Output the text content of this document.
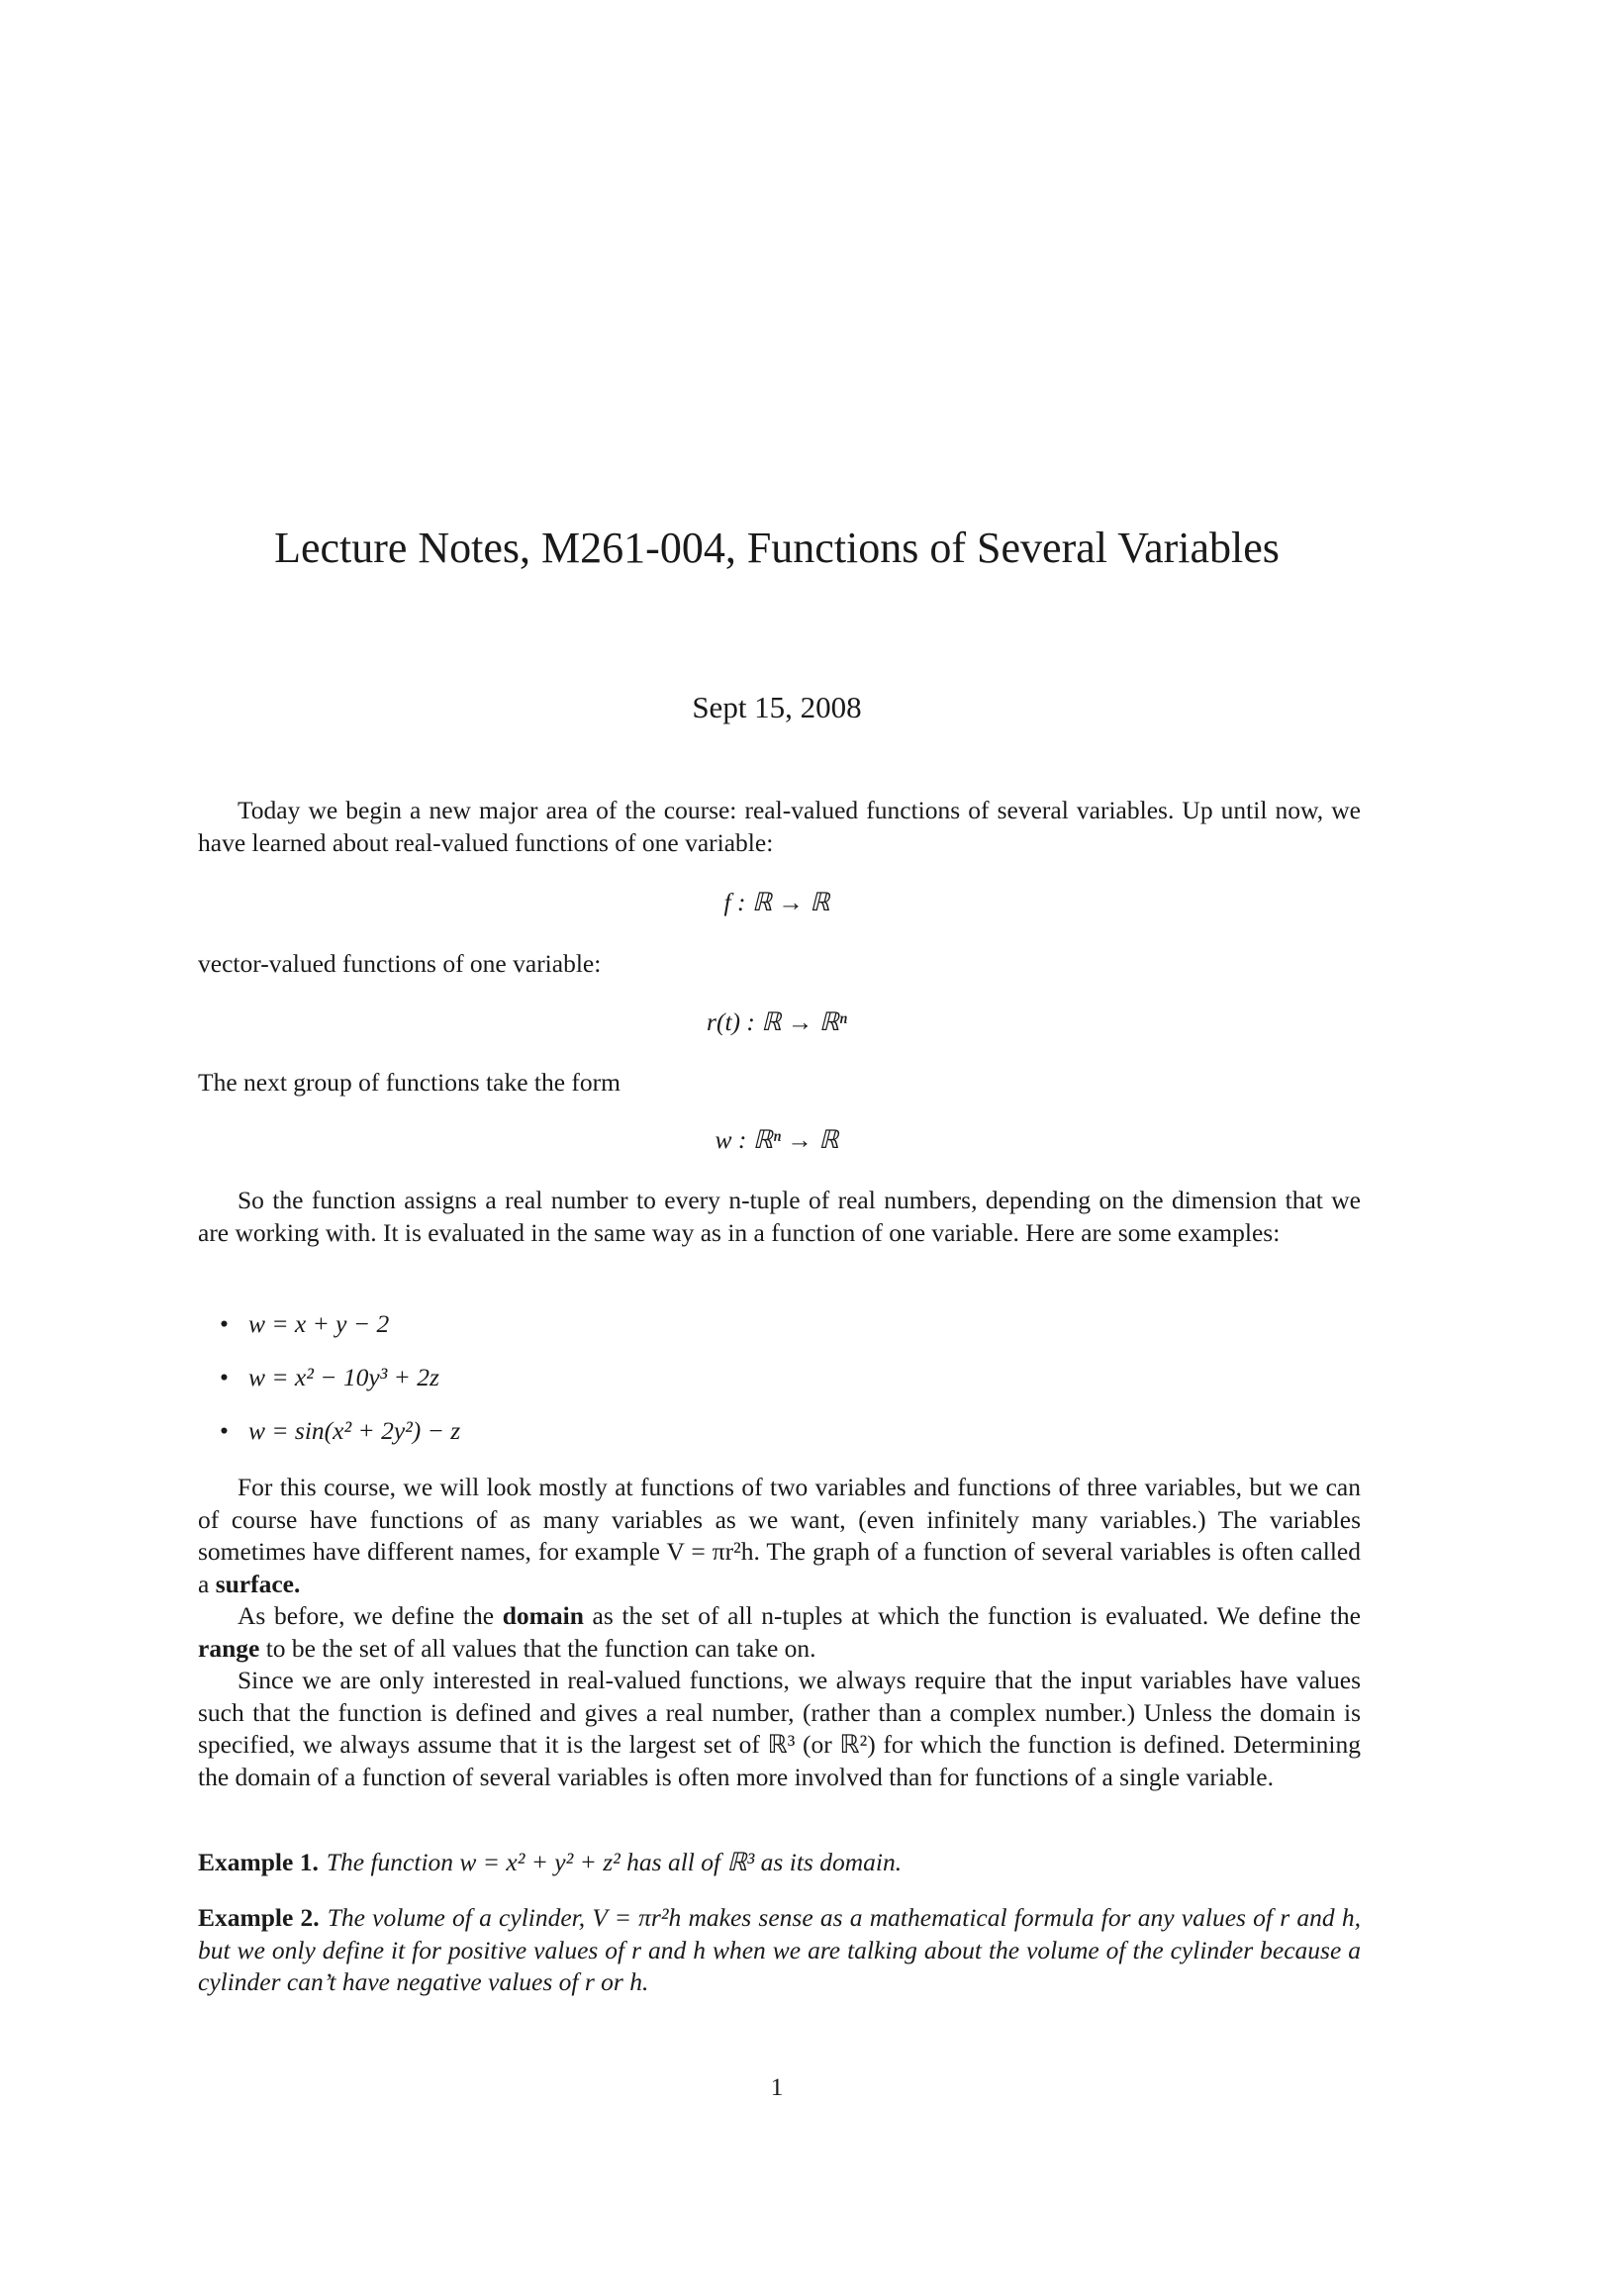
Lecture Notes, M261-004, Functions of Several Variables
Sept 15, 2008

Today we begin a new major area of the course: real-valued functions of several variables. Up until now, we have learned about real-valued functions of one variable:

f : ℝ → ℝ

vector-valued functions of one variable:

r(t) : ℝ → ℝⁿ

The next group of functions take the form

w : ℝⁿ → ℝ

So the function assigns a real number to every n-tuple of real numbers, depending on the dimension that we are working with. It is evaluated in the same way as in a function of one variable. Here are some examples:

• w = x + y − 2
• w = x² − 10y³ + 2z
• w = sin(x² + 2y²) − z

For this course, we will look mostly at functions of two variables and functions of three variables, but we can of course have functions of as many variables as we want, (even infinitely many variables.) The variables sometimes have different names, for example V = πr²h. The graph of a function of several variables is often called a surface.

As before, we define the domain as the set of all n-tuples at which the function is evaluated. We define the range to be the set of all values that the function can take on.

Since we are only interested in real-valued functions, we always require that the input variables have values such that the function is defined and gives a real number, (rather than a complex number.) Unless the domain is specified, we always assume that it is the largest set of ℝ³ (or ℝ²) for which the function is defined. Determining the domain of a function of several variables is often more involved than for functions of a single variable.

Example 1. The function w = x² + y² + z² has all of ℝ³ as its domain.
Example 2. The volume of a cylinder, V = πr²h makes sense as a mathematical formula for any values of r and h, but we only define it for positive values of r and h when we are talking about the volume of the cylinder because a cylinder can’t have negative values of r or h.
1
